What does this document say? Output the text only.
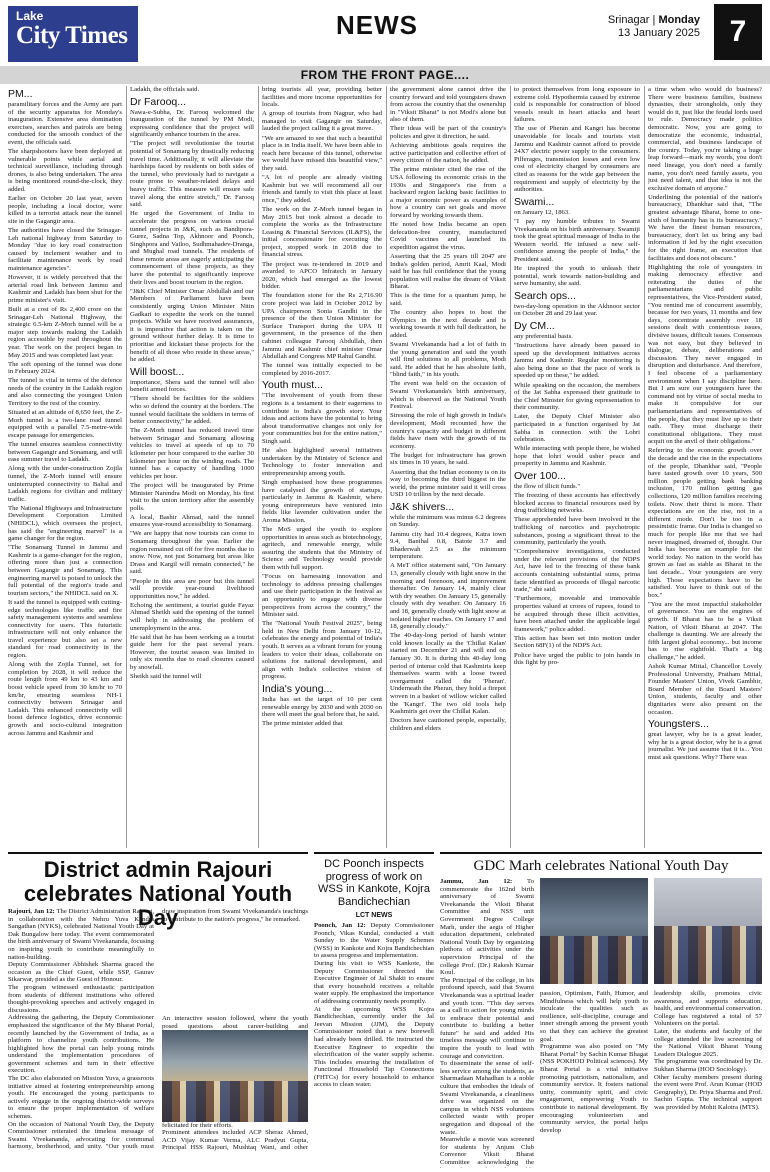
Lake
City Times	NEWS	Srinagar | Monday
13 January 2025 7
FROM THE FRONT PAGE....
PM...

paramilitary forces and the Army are part of the security apparatus for Monday's inauguration. Extensive area domination exercises, searches and patrols are being conducted for the smooth conduct of the event, the officials said.

The sharpshooters have been deployed at vulnerable points while aerial and technical surveillance, including through drones, is also being undertaken. The area is being monitored round-the-clock, they added.

Earlier on October 20 last year, seven people, including a local doctor, were killed in a terrorist attack near the tunnel site in the Gagangir area.

The authorities have closed the Srinagar-Leh national highway from Saturday to Monday "due to key road construction caused by inclement weather and to facilitate maintenance work by road maintenance agencies".

However, it is widely perceived that the arterial road link between Jammu and Kashmir and Ladakh has been shut for the prime minister's visit.

Built at a cost of Rs 2,400 crore on the Srinagar-Leh National Highway, the strategic 6.5-km Z-Morh tunnel will be a major step towards making the Ladakh region accessible by road throughout the year. The work on the project began in May 2015 and was completed last year.

The soft opening of the tunnel was done in February 2024.

The tunnel is vital in terms of the defence needs of the country in the Ladakh region and also connecting the youngest Union Territory to the rest of the country.

Situated at an altitude of 8,650 feet, the Z-Morh tunnel is a two-lane road tunnel equipped with a parallel 7.5-metre-wide escape passage for emergencies.

The tunnel ensures seamless connectivity between Gagangir and Sonamarg, and will ease summer travel to Ladakh.

Along with the under-construction Zojila tunnel, the Z-Morh tunnel will ensure uninterrupted connectivity to Baltal and Ladakh regions for civilian and military traffic.

The National Highways and Infrastructure Development Corporation Limited (NHIDCL), which oversees the project, has said the "engineering marvel" is a game changer for the region.

"The Sonamarg Tunnel in Jammu and Kashmir is a game-changer for the region, offering more than just a connection between Gagangir and Sonamarg. This engineering marvel is poised to unlock the full potential of the region's trade and tourism sectors," the NHIDCL said on X.

It said the tunnel is equipped with cutting-edge technologies like traffic and fire safety management systems and seamless connectivity for users. This futuristic infrastructure will not only enhance the travel experience but also set a new standard for road connectivity in the region.

Along with the Zojila Tunnel, set for completion by 2028, it will reduce the route length from 49 km to 43 km and boost vehicle speed from 30 km/hr to 70 km/hr, ensuring seamless NH-1 connectivity between Srinagar and Ladakh. This enhanced connectivity will boost defence logistics, drive economic growth and socio-cultural integration across Jammu and Kashmir and

Ladakh, the officials said.

Dr Farooq...

Nawa-e-Subha, Dr. Farooq welcomed the inauguration of the tunnel by PM Modi, expressing confidence that the project will significantly enhance tourism in the area.

"The project will revolutionise the tourist potential of Sonamarg by drastically reducing travel time. Additionally, it will alleviate the hardships faced by residents on both sides of the tunnel, who previously had to navigate a route prone to weather-related delays and heavy traffic. This measure will ensure safe travel along the entire stretch," Dr. Farooq said.

He urged the Government of India to accelerate the progress on various crucial tunnel projects in J&K, such as Bandipora-Gurez, Sadna Top, Akhnoor and Poonch, Singhpora and Vailoo, Sudhmahadev-Dranga, and Mughal road tunnels. The residents of these remote areas are eagerly anticipating the commencement of these projects, as they have the potential to significantly improve their lives and boost tourism in the region.

"J&K Chief Minister Omar Abdullah and our Members of Parliament have been consistently urging Union Minister Nitin Gadkari to expedite the work on the tunnel projects. While we have received assurances, it is imperative that action is taken on the ground without further delay. It is time to prioritise and kickstart these projects for the benefit of all those who reside in these areas," he added.

Will boost...

importance, Shera said the tunnel will also benefit armed forces.

"There should be facilities for the soldiers who so defend the country at the borders. The tunnel would facilitate the soldiers in terms of better connectivity," he added.

The Z-Morh tunnel has reduced travel time between Srinagar and Sonamarg allowing vehicles to travel at speeds of up to 70 kilometer per hour compared to the earlier 30 kilometer per hour on the winding roads. The tunnel has a capacity of handling 1000 vehicles per hour.

The project will be inaugurated by Prime Minister Narendra Modi on Monday, his first visit to the union territory after the assembly polls.

A local, Bashir Ahmad, said the tunnel ensures year-round accessibility to Sonamarg.

"We are happy that now tourists can come to Sonamarg throughout the year. Earlier the region remained cut off for five months due to snow. Now, not just Sonamarg but areas like Drass and Kargil will remain connected," he said.

"People in this area are poor but this tunnel will provide year-round livelihood opportunities now," he added.

Echoing the sentiment, a tourist guide Fayaz Ahmad Sheikh said the opening of the tunnel will help in addressing the problem of unemployment in the area.

He said that he has been working as a tourist guide here for the past several years. However, the tourist season was limited to only six months due to road closures caused by snowfall.

Sheikh said the tunnel will

bring tourists all year, providing better facilities and more income opportunities for locals.

A group of tourists from Nagpur, who had managed to visit Gagangir on Saturday, lauded the project calling it a great move.

"We are amazed to see that such a beautiful place is in India itself. We have been able to reach here because of this tunnel, otherwise we would have missed this beautiful view," they said.

"A lot of people are already visiting Kashmir but we will recommend all our friends and family to visit this place at least once," they added.

The work on the Z-Morh tunnel began in May 2015 but took almost a decade to complete the works as the Infrastructure Leasing & Financial Services (IL&FS), the initial concessionaire for executing the project, stopped work in 2018 due to financial stress.

The project was re-tendered in 2019 and awarded to APCO Infratech in January 2020, which had emerged as the lowest bidder.

The foundation stone for the Rs 2,716.90 crore project was laid in October 2012 by UPA chairperson Sonia Gandhi in the presence of the then Union Minister for Surface Transport during the UPA II government, in the presence of the then cabinet colleague Farooq Abdullah, then Jammu and Kashmir chief minister Omar Abdullah and Congress MP Rahul Gandhi.

The tunnel was initially expected to be completed by 2016-2017.

Youth must...

"The involvement of youth from these regions is a testament to their eagerness to contribute to India's growth story. Your ideas and actions have the potential to bring about transformative changes not only for your communities but for the entire nation," Singh said.

He also highlighted several initiatives undertaken by the Ministry of Science and Technology to foster innovation and entrepreneurship among youth.

Singh emphasised how these programmes have catalysed the growth of startups, particularly in Jammu & Kashmir, where young entrepreneurs have ventured into fields like lavender cultivation under the Aroma Mission.

The MoS urged the youth to explore opportunities in areas such as biotechnology, agritech, and renewable energy, while assuring the students that the Ministry of Science and Technology would provide them with full support.

"Focus on harnessing innovation and technology to address pressing challenges and use their participation in the festival as an opportunity to engage with diverse perspectives from across the country," the Minister said.

The "National Youth Festival 2025", being held in New Delhi from January 10-12, celebrates the energy and potential of India's youth. It serves as a vibrant forum for young leaders to voice their ideas, collaborate on solutions for national development, and align with India's collective vision of progress.

India's young...

India has set the target of 10 per cent renewable energy by 2030 and with 2030 on there will meet the goal before that, he said.

The prime minister added that

the government alone cannot drive the country forward and told youngsters drawn from across the country that the ownership in "Viksit Bharat" is not Modi's alone but also of them.

Their ideas will be part of the country's policies and give it direction, he said.

Achieving ambitious goals requires the active participation and collective effort of every citizen of the nation, he added.

The prime minister cited the rise of the USA following its economic crisis in the 1930s and Singapore's rise from a backward region lacking basic facilities to a major economic power as examples of how a country can set goals and move forward by working towards them.

He noted how India became an open defecation-free country, manufactured Covid vaccines and launched its expedition against the virus.

Asserting that the 25 years till 2047 are India's golden period, Amrit Kaal, Modi said he has full confidence that the young population will realise the dream of Viksit Bharat.

This is the time for a quantum jump, he said.

The country also hopes to host the Olympics in the next decade and is working towards it with full dedication, he added.

Swami Vivekananda had a lot of faith in the young generation and said the youth will find solutions to all problems, Modi said. He added that he has absolute faith, "blind faith," in his youth.

The event was held on the occasion of Swami Vivekananda's birth anniversary, which is observed as the National Youth Festival.

Stressing the role of high growth in India's development, Modi recounted how the country's capacity and budget in different fields have risen with the growth of its economy.

The budget for infrastructure has grown six times in 10 years, he said.

Asserting that the Indian economy is on its way to becoming the third biggest in the world, the prime minister said it will cross USD 10 trillion by the next decade.

J&K shivers...

while the minimum was minus 6.2 degrees on Sunday.

Jammu city had 10.4 degrees, Katra town 9.4, Banihal 0.8, Batote 3.7 and Bhaderwah 2.5 as the minimum temperature.

A MeT office statement said, "On January 13, generally cloudy with light snow in the morning and forenoon, and improvement thereafter. On January 14, mainly clear with dry weather. On January 15, generally cloudy with dry weather. On January 16 and 18, generally cloudy with light snow at isolated higher reaches. On January 17 and 18, generally cloudy."

The 40-day-long period of harsh winter cold known locally as the 'Chillai Kalan' started on December 21 and will end on January 30. It is during this 40-day long period of intense cold that Kashmiris keep themselves warm with a loose tweed overgarment called the 'Pheran'. Underneath the Pheran, they hold a firepot woven in a basket of willow wicker called the 'Kangri'. The two old tools help Kashmiris get over the Chillai Kalan.

Doctors have cautioned people, especially, children and elders

to protect themselves from long exposure to extreme cold. Hypothermia caused by extreme cold is responsible for construction of blood vessels result in heart attacks and heart failures.

The use of Pheran and Kangri has become unavoidable for locals and tourists visit Jammu and Kashmir cannot afford to provide 24X7 electric power supply to the consumers. Pilferages, transmission losses and even low cost of electricity charged by consumers are cited as reasons for the wide gap between the requirement and supply of electricity by the authorities.

Swami...

on January 12, 1863.

"I pay my humble tributes to Swami Vivekananda on his birth anniversary. Swamiji took the great spiritual message of India to the Western world. He infused a new self-confidence among the people of India," the President said.

He inspired the youth to unleash their potential, work towards nation-building and serve humanity, she said.

Search ops...

two-day-long operation in the Akhnoor sector on October 28 and 29 last year.

Dy CM...

any preferential basis.

"Instructions have already been passed to speed up the development initiatives across Jammu and Kashmir. Regular monitoring is also being done so that the pace of work is speeded up on these," he added.

While speaking on the occasion, the members of the Jat Sabha expressed their gratitude to the Chief Minister for giving representation to their community.

Later, the Deputy Chief Minister also participated in a function organised by Jat Sabha in connection with the Lohri celebration.

While interacting with people there, he wished hope that lohri would usher peace and prosperity in Jammu and Kashmir.

Over 100...

the flow of illicit funds."

The freezing of these accounts has effectively blocked access to financial resources used by drug trafficking networks.

These apprehended have been involved in the trafficking of narcotics and psychotropic substances, posing a significant threat to the community, particularly the youth.

"Comprehensive investigations, conducted under the relevant provisions of the NDPS Act, have led to the freezing of these bank accounts containing substantial sums, prima facie identified as proceeds of illegal narcotic trade," she said.

"Furthermore, moveable and immovable properties valued at crores of rupees, found to be acquired through these illicit activities, have been attached under the applicable legal framework," police added.

This action has been set into motion under Section 68F(1) of the NDPS Act.

Police have urged the public to join hands in this fight by pro-

a time when who would do business? There were business families, business dynasties, their strongholds, only they would do it, just like the feudal lords used to rule. Democracy made politics democratic. Now, you are going to democratize the economic, industrial, commercial, and business landscape of the country. Today, you're taking a huge leap forward—mark my words, you don't need lineage, you don't need a family name, you don't need family assets, you just need talent, and that idea is not the exclusive domain of anyone."

Underlining the potential of the nation's bureaucracy, Dhankhar said that, "The greatest advantage Bharat, home to one-sixth of humanity has is its bureaucracy." We have the finest human resources, bureaucracy, don't let us bring any bad information if led by the right execution for the right frame, an execution that facilitates and does not obscure."

Highlighting the role of youngsters in making democracy effective and reiterating the duties of the parliamentarians and public representatives, the Vice-President stated, "You remind me of concurrent assembly, because for two years, 11 months and few days, concentrate assembly over 18 sessions dealt with contentious issues, divisive issues, difficult issues. Consensus was not easy, but they believed in dialogue, debate, deliberations and discussion. They never engaged in disruption and disturbance. And therefore, I feel obscene of a parliamentary environment when I say discipline here. But I am sure our youngsters have the command not by virtue of social media to make it compulsive for our parliamentarians and representatives of the people, that they must live up to their oath. They must discharge their constitutional obligations. They must acquit on the anvil of their obligations."

Referring to the economic growth over the decade and the rise in the expectations of the people, Dhankhar said, "People have tasted growth over 10 years, 500 million people getting bank banking inclusion, 170 million getting gas collections, 120 million families receiving toilets. Now their thirst is more. Their expectations are on the rise, not in a different mode. Don't be too in a pessimistic frame. Our India is changed so much for people like me that we had never imagined, dreamed of, thought. Our India has become an example for the world today. No nation in the world has grown as fast as stable as Bharat in the last decade... Your youngsters are very high. Those expectations have to be satisfied. You have to think out of the box."

"You are the most impactful stakeholder of governance. You are the engines of growth. If Bharat has to be a Viksit Nation, of Viksit Bharat at 2047. The challenge is daunting. We are already the fifth largest global economy... but income has to rise eightfold. That's a big challenge," he added.

Ashok Kumar Mittal, Chancellor Lovely Professional University, Pratham Mittal, Founder Masters' Union, Vivek Gambhir, Board Member of the Board Masters' Union, students, faculty and other dignitaries were also present on the occasion.

Youngsters...

great lawyer, why he is a great leader, why he is a great doctor, why he is a great journalist. We just assume that it is... You must ask questions. Why? There was

District admin Rajouri celebrates National Youth Day

Rajouri, Jan 12: The District Administration Rajouri, in collaboration with the Nehru Yuva Kendra Sangathan (NYKS), celebrated National Youth Day at Dak Bungalow here today. The event commemorated the birth anniversary of Swami Vivekananda, focusing on inspiring youth to contribute meaningfully to nation-building.

Deputy Commissioner Abhishek Sharma graced the occasion as the Chief Guest, while SSP, Gaurav Sikarwar, presided as the Guest of Honour.

The program witnessed enthusiastic participation from students of different institutions who offered thought-provoking speeches and actively engaged in discussions.

Addressing the gathering, the Deputy Commissioner emphasized the significance of the My Bharat Portal, recently launched by the Government of India, as a platform to channelize youth contributions. He highlighted how the portal can help young minds understand the implementation procedures of government schemes and turn in their effective execution.

The DC also elaborated on Mission Yuva, a grassroots initiative aimed at fostering entrepreneurship among youth. He encouraged the young participants to actively engage in the ongoing district-wide surveys to ensure the proper implementation of welfare schemes.

On the occasion of National Youth Day, the Deputy Commissioner reiterated the timeless message of Swami Vivekananda, advocating for communal harmony, brotherhood, and unity. "Our youth must draw inspiration from Swami Vivekananda's teachings to contribute to the nation's progress," he remarked.

An interactive session followed, where the youth posed questions about career-building and

felicitated for their efforts.

Prominent attendees included ACP Sheraz Ahmed, ACD Vijay Kumar Verma, ALC Pradyut Gupta, Principal HSS Rajouri, Mushtaq Wani, and other

DC Poonch inspects progress of work on WSS in Kankote, Kojra Bandichechian
LCT NEWS

Poonch, Jan 12: Deputy Commissioner Poonch, Vikas Kundal, conducted a visit Sunday to the Water Supply Schemes (WSS) in Kankote and Kojra Bandichechian to assess progress and implementation.

During his visit to WSS Kankote, the Deputy Commissioner directed the Executive Engineer of Jal Shakti to ensure that every household receives a reliable water supply. He emphasized the importance of addressing community needs promptly.

At the upcoming WSS Kojra Bandichechian, currently under the Jal Jeevan Mission (JJM), the Deputy Commissioner noted that a new borewell had already been drilled. He instructed the Executive Engineer to expedite the electrification of the water supply scheme. This includes ensuring the installation of Functional Household Tap Connections (FHTCs) for every household to enhance access to clean water.

GDC Marh celebrates National Youth Day

Jammu, Jan 12: To commemorate the 162nd birth anniversary of Swami Vivekananda the Viksit Bharat Committee and NSS unit Government Degree College Marh, under the aegis of Higher education department, celebrated National Youth Day by organizing plethora of activities under the supervision Principal of the college Prof. (Dr.) Rakesh Kumar Koul.

The Principal of the college, in his profound speech, said that Swami Vivekananda was a spiritual leader and youth icon. "This day serves as a call to action for young minds to embrace their potential and contribute to building a better future" he said and added His timeless message will continue to inspire the youth to lead with courage and conviction.

To disseminate the sense of self-less service among the students, as Sharmadaan Mahadhan is a noble culture that embodies the ideals of Swami Vivekananda, a cleanliness drive was organized on the campus in which NSS volunteers collected waste with proper segregation and disposal of the waste.

Meanwhile a movie was screened for students by Anjum Club Convenor Viksit Bharat Committee acknowledging the

passion, Optimism, Faith, Humor, and Mindfulness which will help youth to inculcate the qualities such as resilience, self-discipline, courage and inner strength among the present youth so that they can achieve the greatest goal.

Programme was also posted on "My Bharat Portal" by Sachin Kumar Bhagat (NSS POKHOD Political sciences). My Bharat Portal is a vital initiative promoting patriotism, nationalism, and community service. It fosters national unity, community spirit, and civic engagement, empowering Youth to contribute to national development. By encouraging volunteerism and community service, the portal helps develop

leadership skills, promotes civic awareness, and supports education, health, and environmental conservation. College has registered a total of 57 Volunteers on the portal.

Later, the students and faculty of the college attended the live screening of the National Viksit Bharat Young Leaders Dialogue 2025.

The programme was coordinated by Dr. Sukhan Sharma (HOD Sociology).

Other faculty members present during the event were Prof. Arun Kumar (HOD Geography), Dr. Priya Sharma and Prof. Sachin Gupta. The technical support was provided by Mohit Kalotra (MTS).
